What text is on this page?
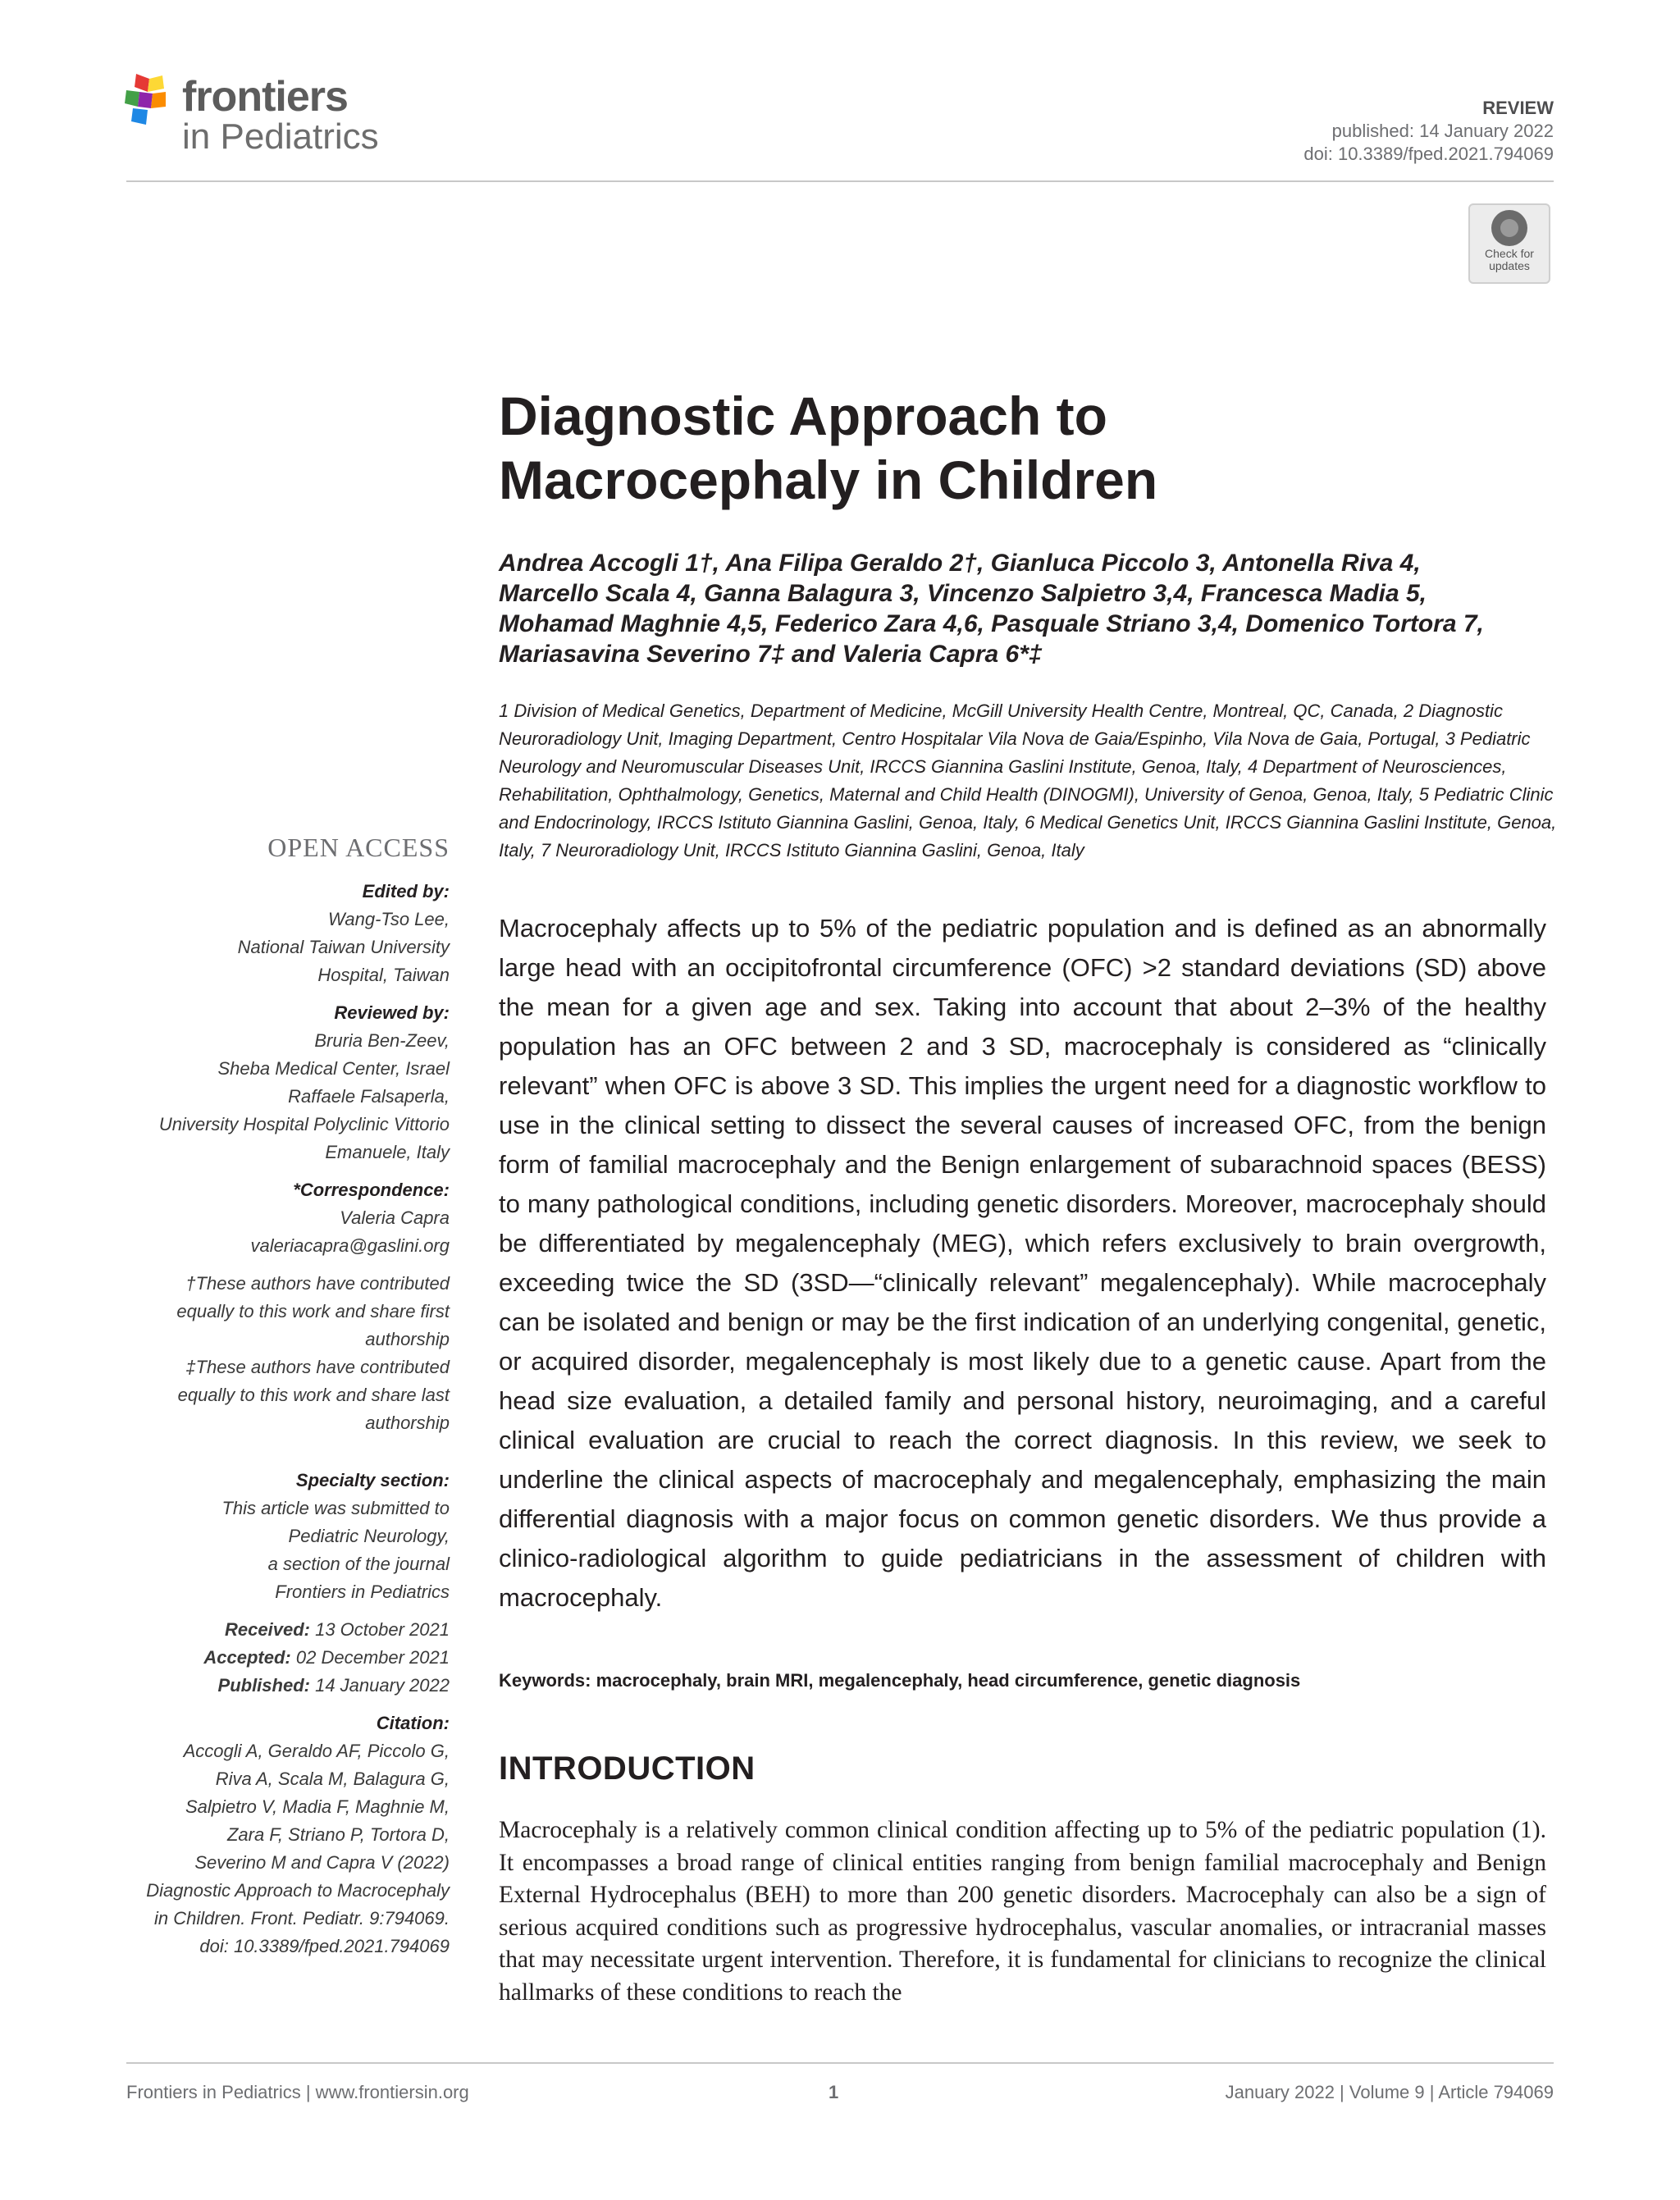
frontiers
in Pediatrics
REVIEW
published: 14 January 2022
doi: 10.3389/fped.2021.794069
Check for updates
Diagnostic Approach to
Macrocephaly in Children
Andrea Accogli 1†, Ana Filipa Geraldo 2†, Gianluca Piccolo 3, Antonella Riva 4,
Marcello Scala 4, Ganna Balagura 3, Vincenzo Salpietro 3,4, Francesca Madia 5,
Mohamad Maghnie 4,5, Federico Zara 4,6, Pasquale Striano 3,4, Domenico Tortora 7,
Mariasavina Severino 7‡ and Valeria Capra 6*‡
1 Division of Medical Genetics, Department of Medicine, McGill University Health Centre, Montreal, QC, Canada, 2 Diagnostic Neuroradiology Unit, Imaging Department, Centro Hospitalar Vila Nova de Gaia/Espinho, Vila Nova de Gaia, Portugal, 3 Pediatric Neurology and Neuromuscular Diseases Unit, IRCCS Giannina Gaslini Institute, Genoa, Italy, 4 Department of Neurosciences, Rehabilitation, Ophthalmology, Genetics, Maternal and Child Health (DINOGMI), University of Genoa, Genoa, Italy, 5 Pediatric Clinic and Endocrinology, IRCCS Istituto Giannina Gaslini, Genoa, Italy, 6 Medical Genetics Unit, IRCCS Giannina Gaslini Institute, Genoa, Italy, 7 Neuroradiology Unit, IRCCS Istituto Giannina Gaslini, Genoa, Italy
OPEN ACCESS
Edited by:
Wang-Tso Lee,
National Taiwan University
Hospital, Taiwan
Reviewed by:
Bruria Ben-Zeev,
Sheba Medical Center, Israel
Raffaele Falsaperla,
University Hospital Polyclinic Vittorio
Emanuele, Italy
*Correspondence:
Valeria Capra
valeriacapra@gaslini.org
†These authors have contributed
equally to this work and share first
authorship
‡These authors have contributed
equally to this work and share last
authorship
Specialty section:
This article was submitted to
Pediatric Neurology,
a section of the journal
Frontiers in Pediatrics
Received: 13 October 2021
Accepted: 02 December 2021
Published: 14 January 2022
Citation:
Accogli A, Geraldo AF, Piccolo G,
Riva A, Scala M, Balagura G,
Salpietro V, Madia F, Maghnie M,
Zara F, Striano P, Tortora D,
Severino M and Capra V (2022)
Diagnostic Approach to Macrocephaly
in Children. Front. Pediatr. 9:794069.
doi: 10.3389/fped.2021.794069
Macrocephaly affects up to 5% of the pediatric population and is defined as an abnormally large head with an occipitofrontal circumference (OFC) >2 standard deviations (SD) above the mean for a given age and sex. Taking into account that about 2–3% of the healthy population has an OFC between 2 and 3 SD, macrocephaly is considered as “clinically relevant” when OFC is above 3 SD. This implies the urgent need for a diagnostic workflow to use in the clinical setting to dissect the several causes of increased OFC, from the benign form of familial macrocephaly and the Benign enlargement of subarachnoid spaces (BESS) to many pathological conditions, including genetic disorders. Moreover, macrocephaly should be differentiated by megalencephaly (MEG), which refers exclusively to brain overgrowth, exceeding twice the SD (3SD—“clinically relevant” megalencephaly). While macrocephaly can be isolated and benign or may be the first indication of an underlying congenital, genetic, or acquired disorder, megalencephaly is most likely due to a genetic cause. Apart from the head size evaluation, a detailed family and personal history, neuroimaging, and a careful clinical evaluation are crucial to reach the correct diagnosis. In this review, we seek to underline the clinical aspects of macrocephaly and megalencephaly, emphasizing the main differential diagnosis with a major focus on common genetic disorders. We thus provide a clinico-radiological algorithm to guide pediatricians in the assessment of children with macrocephaly.
Keywords: macrocephaly, brain MRI, megalencephaly, head circumference, genetic diagnosis
INTRODUCTION
Macrocephaly is a relatively common clinical condition affecting up to 5% of the pediatric population (1). It encompasses a broad range of clinical entities ranging from benign familial macrocephaly and Benign External Hydrocephalus (BEH) to more than 200 genetic disorders. Macrocephaly can also be a sign of serious acquired conditions such as progressive hydrocephalus, vascular anomalies, or intracranial masses that may necessitate urgent intervention. Therefore, it is fundamental for clinicians to recognize the clinical hallmarks of these conditions to reach the
Frontiers in Pediatrics | www.frontiersin.org	1	January 2022 | Volume 9 | Article 794069
